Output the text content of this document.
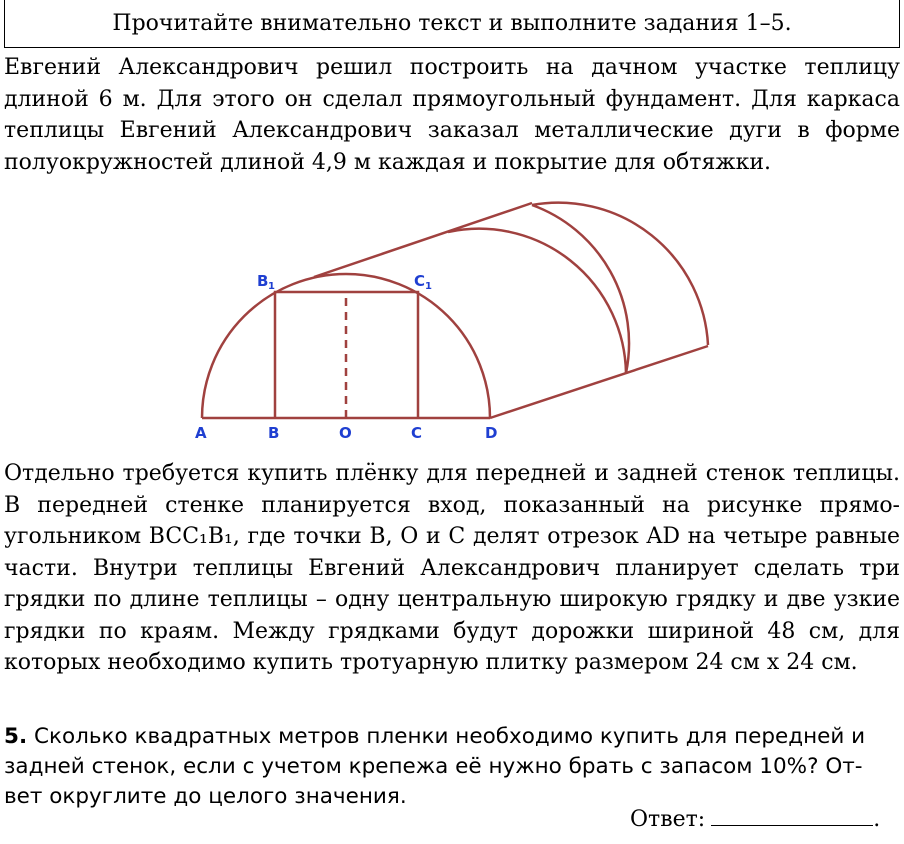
Прочитайте внимательно текст и выполните задания 1–5.
Евгений Александрович решил построить на дачном участке теплицу
длиной 6 м. Для этого он сделал прямоугольный фундамент. Для каркаса
теплицы Евгений Александрович заказал металлические дуги в форме
полуокружностей длиной 4,9 м каждая и покрытие для обтяжки.
A	B	O	C	D
B 1	C 1
Отдельно требуется купить плёнку для передней и задней стенок теплицы.
В передней стенке планируется вход, показанный на рисунке прямо-
угольником BCC₁B₁, где точки B, O и C делят отрезок AD на четыре равные
части. Внутри теплицы Евгений Александрович планирует сделать три
грядки по длине теплицы – одну центральную широкую грядку и две узкие
грядки по краям. Между грядками будут дорожки шириной 48 см, для
которых необходимо купить тротуарную плитку размером 24 см х 24 см.
5. Сколько квадратных метров пленки необходимо купить для передней и
задней стенок, если с учетом крепежа её нужно брать с запасом 10%? От-
вет округлите до целого значения.
Ответ:	.
